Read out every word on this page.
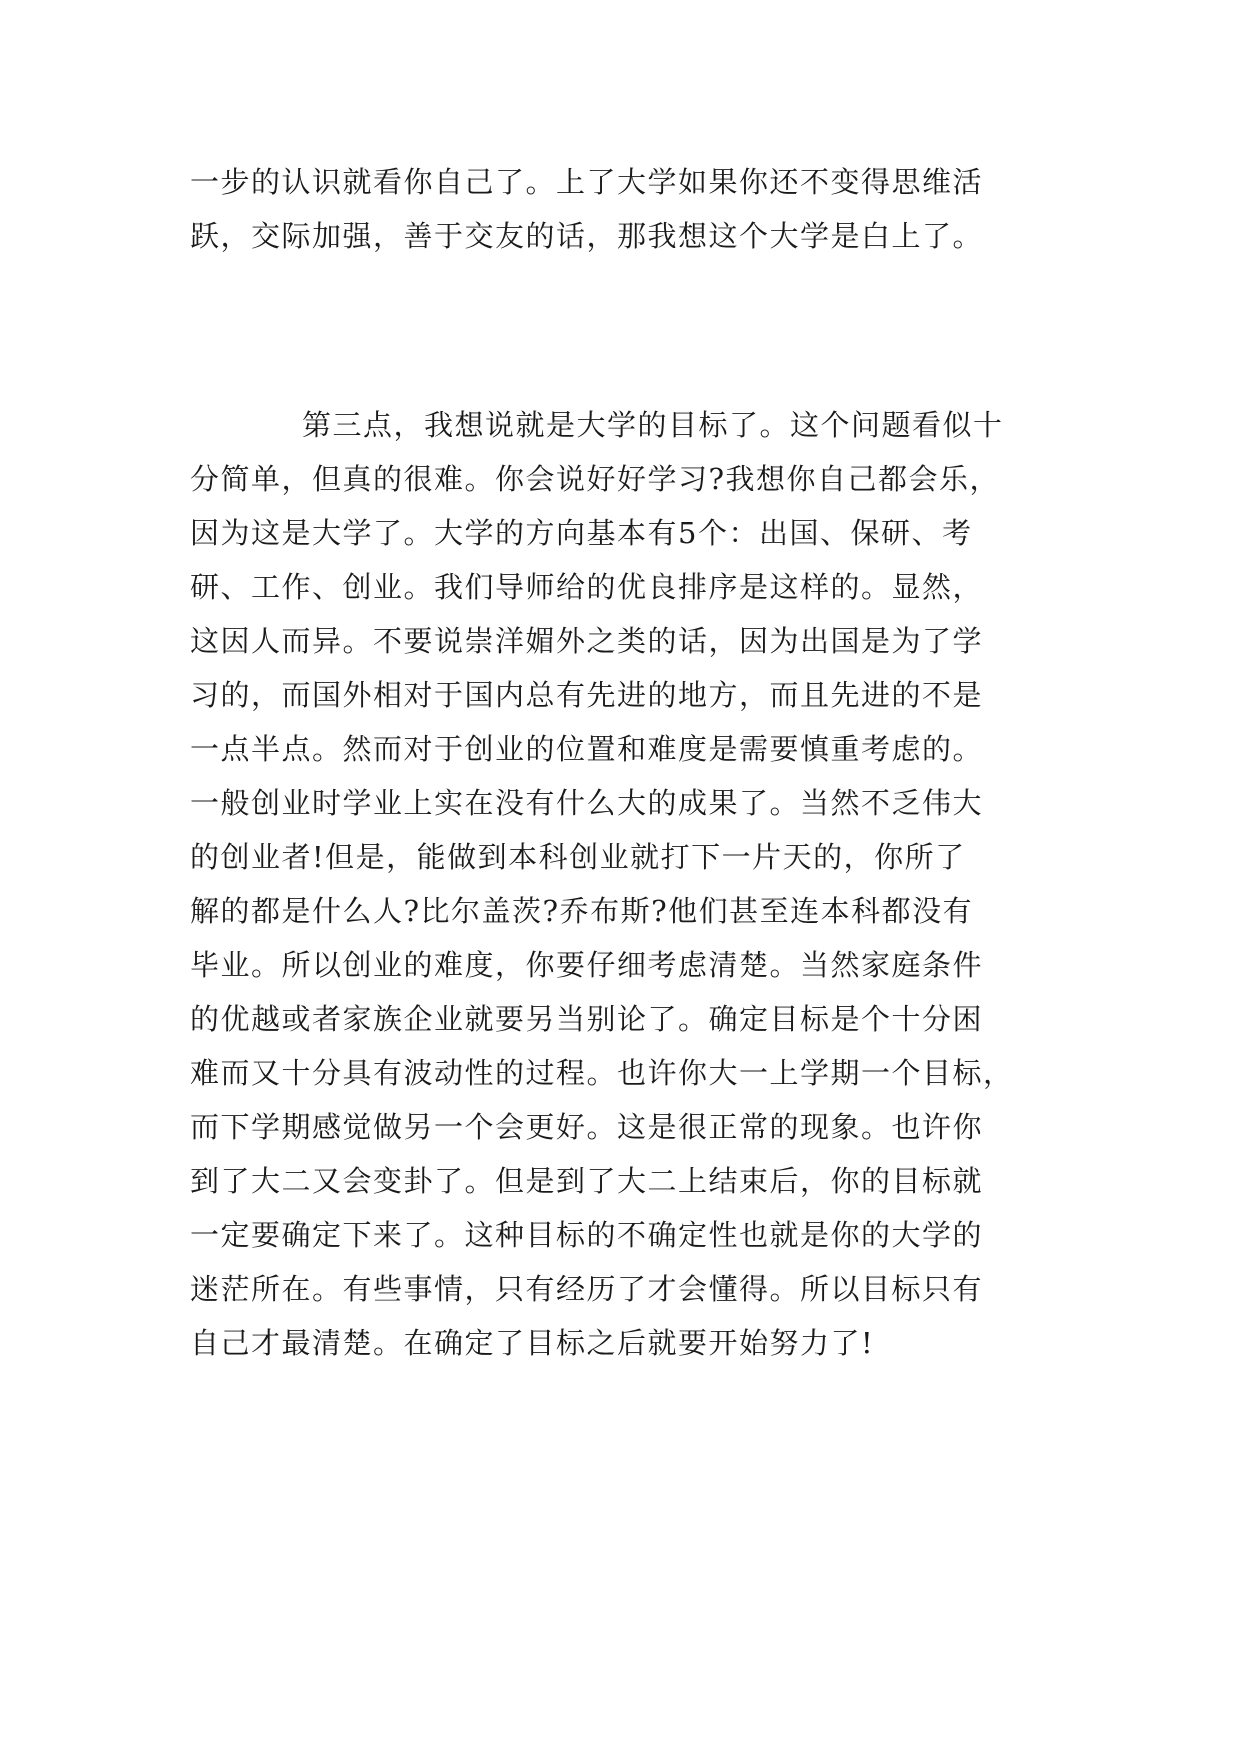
一步的认识就看你自己了。上了大学如果你还不变得思维活
跃，交际加强，善于交友的话，那我想这个大学是白上了。
第三点，我想说就是大学的目标了。这个问题看似十
分简单，但真的很难。你会说好好学习?我想你自己都会乐，
因为这是大学了。大学的方向基本有5个：出国、保研、考
研、工作、创业。我们导师给的优良排序是这样的。显然，
这因人而异。不要说崇洋媚外之类的话，因为出国是为了学
习的，而国外相对于国内总有先进的地方，而且先进的不是
一点半点。然而对于创业的位置和难度是需要慎重考虑的。
一般创业时学业上实在没有什么大的成果了。当然不乏伟大
的创业者!但是，能做到本科创业就打下一片天的，你所了
解的都是什么人?比尔盖茨?乔布斯?他们甚至连本科都没有
毕业。所以创业的难度，你要仔细考虑清楚。当然家庭条件
的优越或者家族企业就要另当别论了。确定目标是个十分困
难而又十分具有波动性的过程。也许你大一上学期一个目标，
而下学期感觉做另一个会更好。这是很正常的现象。也许你
到了大二又会变卦了。但是到了大二上结束后，你的目标就
一定要确定下来了。这种目标的不确定性也就是你的大学的
迷茫所在。有些事情，只有经历了才会懂得。所以目标只有
自己才最清楚。在确定了目标之后就要开始努力了!
